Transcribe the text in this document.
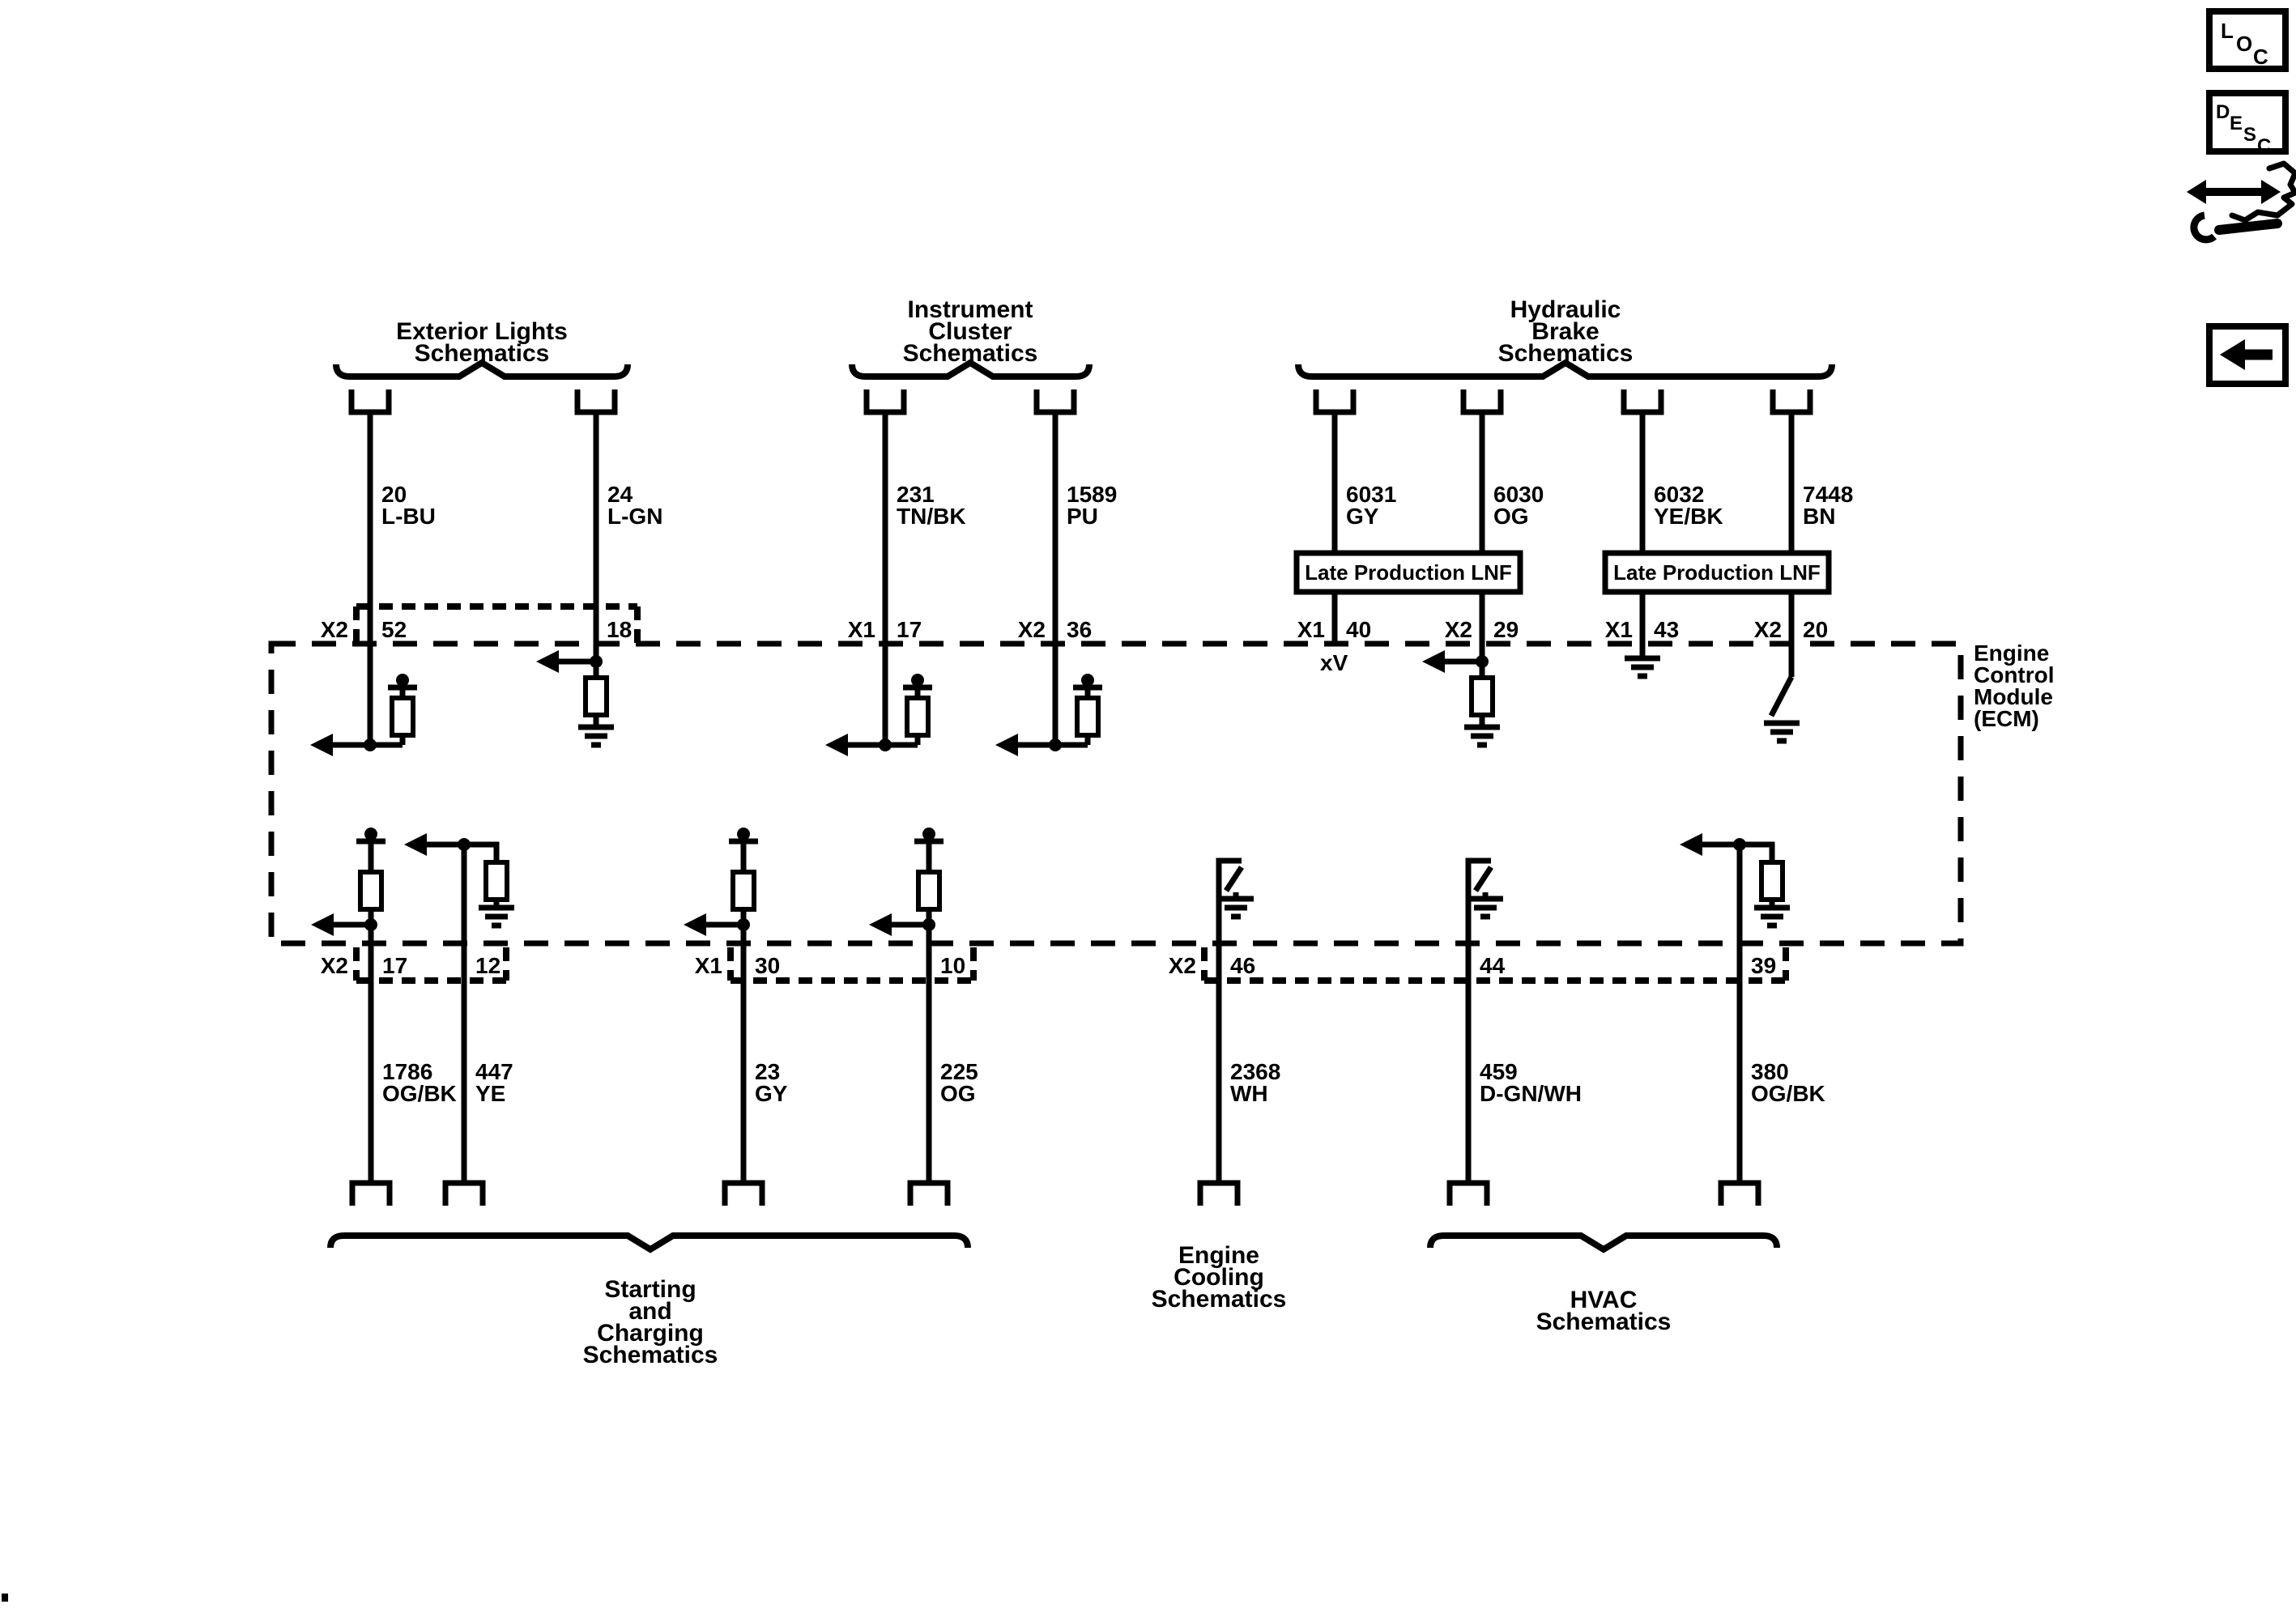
Exterior Lights
Schematics
Instrument
Cluster
Schematics
Hydraulic
Brake
Schematics
20
L-BU
24
L-GN
231
TN/BK
1589
PU
6031
GY
6030
OG
6032
YE/BK
7448
BN
Late Production LNF	Late Production LNF
Engine
Control
Module
(ECM)
X2 52	18	X1 17	X2 36	X1 40	X2 29	X1 43	X2 20
xV
1786
OG/BK
447
YE
23
GY
225
OG
2368
WH
459
D-GN/WH
380
OG/BK
X2 17	12	X1 30	10	X2 46	44	39
Starting
and
Charging
Schematics
Engine
Cooling
Schematics	HVAC
Schematics
L
O
C
D
E
S
C
